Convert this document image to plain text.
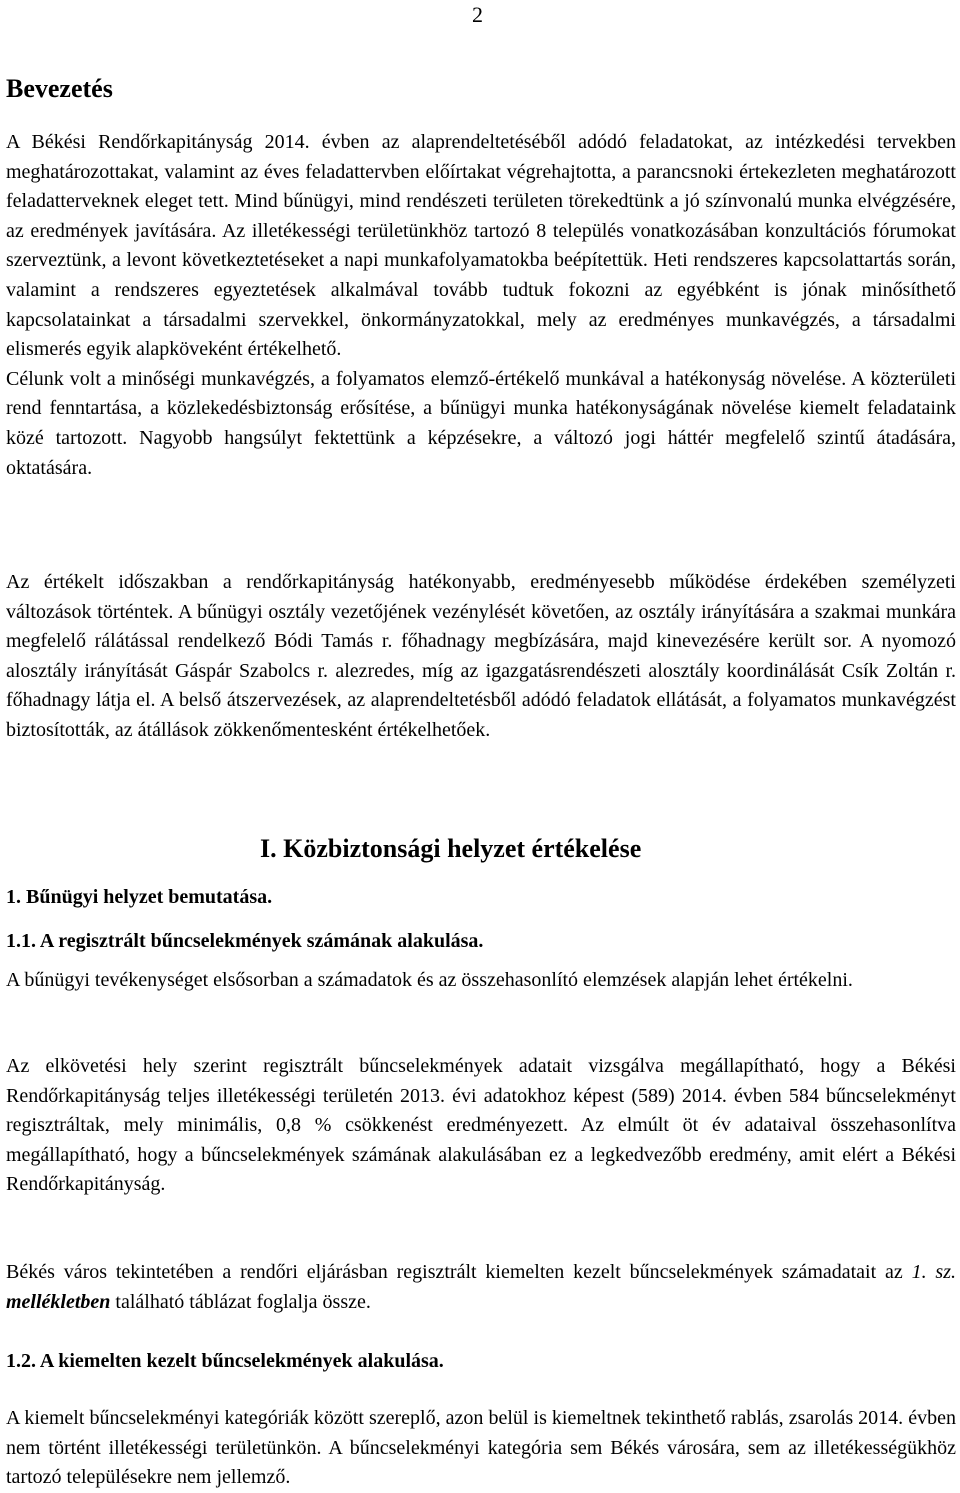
2
Bevezetés

A Békési Rendőrkapitányság 2014. évben az alaprendeltetéséből adódó feladatokat, az intézkedési tervekben meghatározottakat, valamint az éves feladattervben előírtakat végrehajtotta, a parancsnoki értekezleten meghatározott feladatterveknek eleget tett. Mind bűnügyi, mind rendészeti területen törekedtünk a jó színvonalú munka elvégzésére, az eredmények javítására. Az illetékességi területünkhöz tartozó 8 település vonatkozásában konzultációs fórumokat szerveztünk, a levont következtetéseket a napi munkafolyamatokba beépítettük. Heti rendszeres kapcsolattartás során, valamint a rendszeres egyeztetések alkalmával tovább tudtuk fokozni az egyébként is jónak minősíthető kapcsolatainkat a társadalmi szervekkel, önkormányzatokkal, mely az eredményes munkavégzés, a társadalmi elismerés egyik alapköveként értékelhető.

Célunk volt a minőségi munkavégzés, a folyamatos elemző-értékelő munkával a hatékonyság növelése. A közterületi rend fenntartása, a közlekedésbiztonság erősítése, a bűnügyi munka hatékonyságának növelése kiemelt feladataink közé tartozott. Nagyobb hangsúlyt fektettünk a képzésekre, a változó jogi háttér megfelelő szintű átadására, oktatására.

Az értékelt időszakban a rendőrkapitányság hatékonyabb, eredményesebb működése érdekében személyzeti változások történtek. A bűnügyi osztály vezetőjének vezénylését követően, az osztály irányítására a szakmai munkára megfelelő rálátással rendelkező Bódi Tamás r. főhadnagy megbízására, majd kinevezésére került sor. A nyomozó alosztály irányítását Gáspár Szabolcs r. alezredes, míg az igazgatásrendészeti alosztály koordinálását Csík Zoltán r. főhadnagy látja el. A belső átszervezések, az alaprendeltetésből adódó feladatok ellátását, a folyamatos munkavégzést biztosították, az átállások zökkenőmentesként értékelhetőek.

I. Közbiztonsági helyzet értékelése
1. Bűnügyi helyzet bemutatása.
1.1. A regisztrált bűncselekmények számának alakulása.

A bűnügyi tevékenységet elsősorban a számadatok és az összehasonlító elemzések alapján lehet értékelni.

Az elkövetési hely szerint regisztrált bűncselekmények adatait vizsgálva megállapítható, hogy a Békési Rendőrkapitányság teljes illetékességi területén 2013. évi adatokhoz képest (589) 2014. évben 584 bűncselekményt regisztráltak, mely minimális, 0,8 % csökkenést eredményezett. Az elmúlt öt év adataival összehasonlítva megállapítható, hogy a bűncselekmények számának alakulásában ez a legkedvezőbb eredmény, amit elért a Békési Rendőrkapitányság.

Békés város tekintetében a rendőri eljárásban regisztrált kiemelten kezelt bűncselekmények számadatait az 1. sz. mellékletben található táblázat foglalja össze.

1.2. A kiemelten kezelt bűncselekmények alakulása.

A kiemelt bűncselekményi kategóriák között szereplő, azon belül is kiemeltnek tekinthető rablás, zsarolás 2014. évben nem történt illetékességi területünkön. A bűncselekményi kategória sem Békés városára, sem az illetékességükhöz tartozó településekre nem jellemző.
